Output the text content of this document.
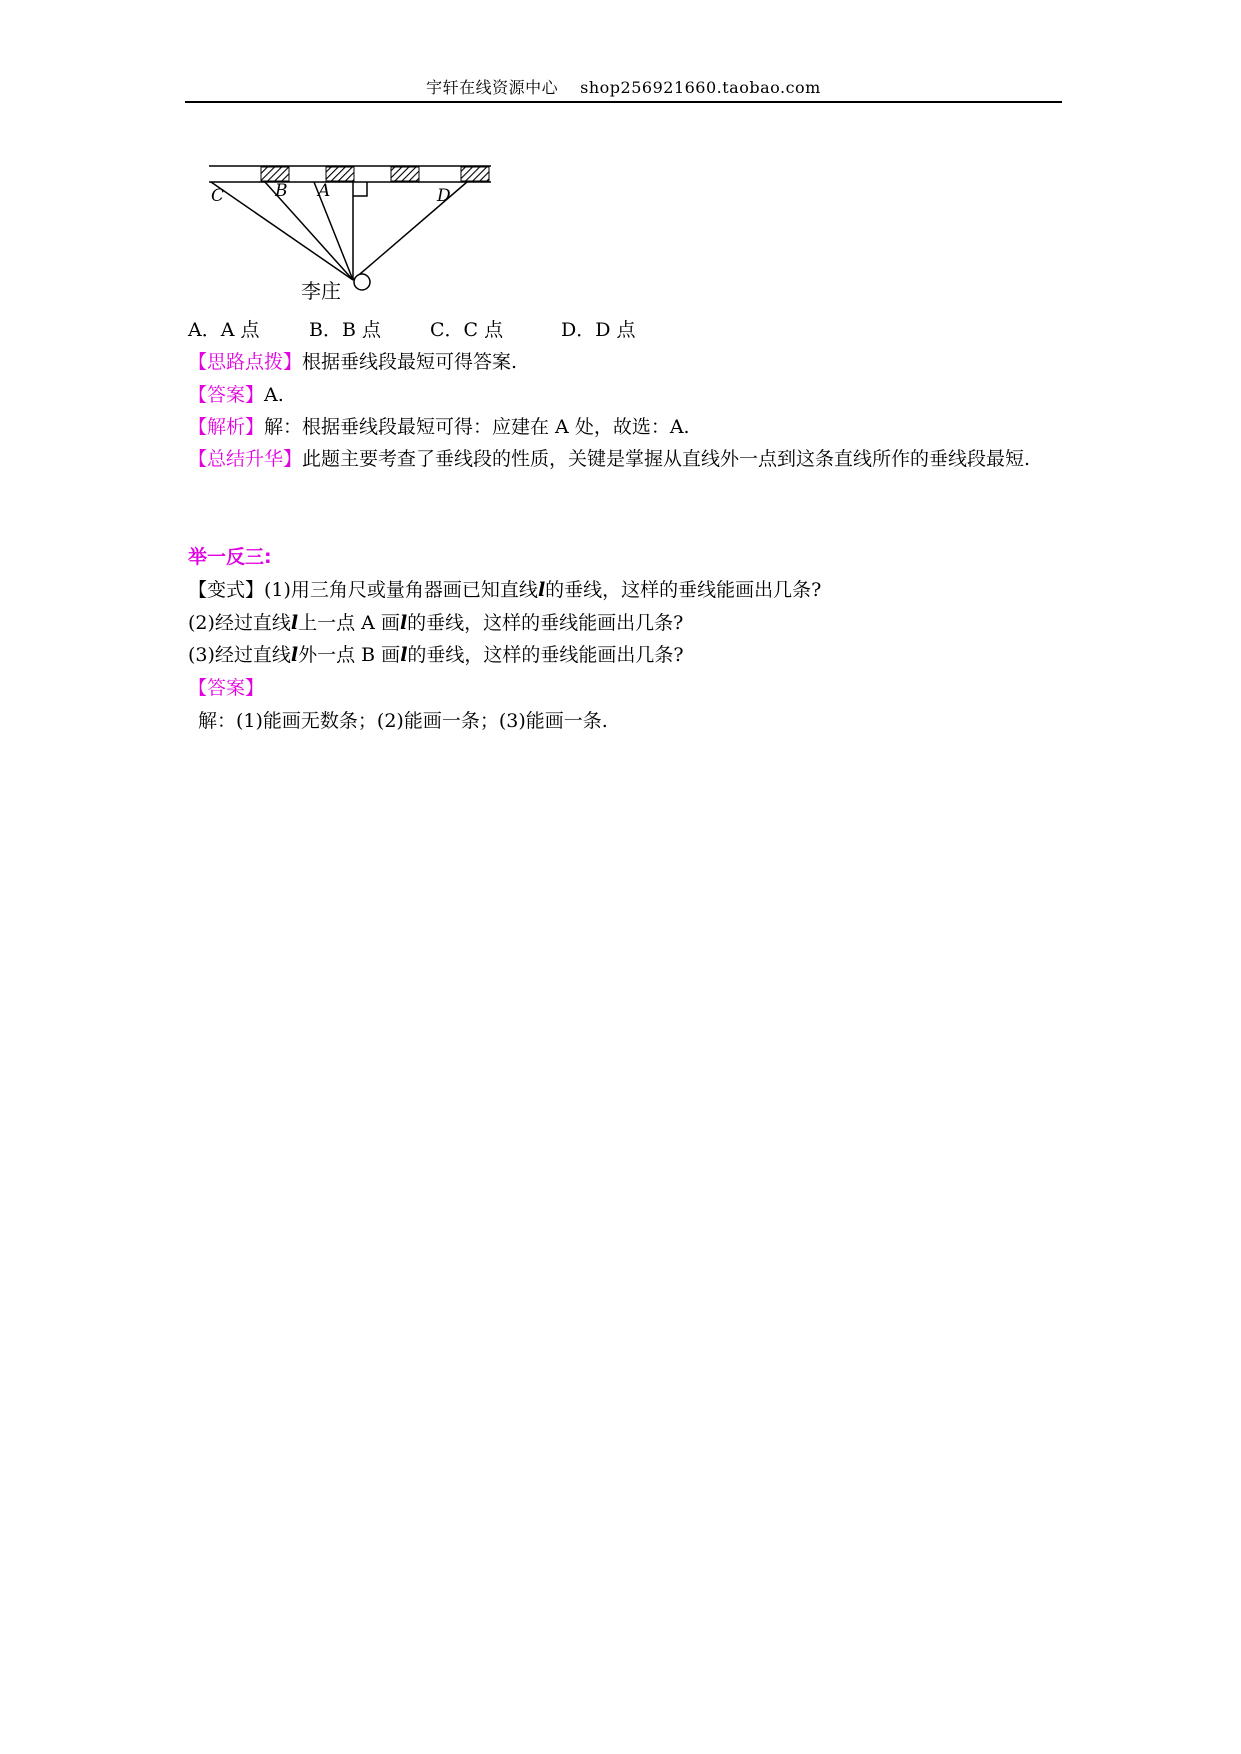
宇轩在线资源中心 shop256921660.taobao.com
C	B A	D
李庄
A．A 点	B．B 点	C．C 点	D．D 点
【思路点拨】根据垂线段最短可得答案.
【答案】A.
【解析】解：根据垂线段最短可得：应建在 A 处，故选：A.
【总结升华】此题主要考查了垂线段的性质，关键是掌握从直线外一点到这条直线所作的垂线段最短.
举一反三:
【变式】(1)用三角尺或量角器画已知直线l的垂线，这样的垂线能画出几条?
(2)经过直线l上一点 A 画l的垂线，这样的垂线能画出几条?
(3)经过直线l外一点 B 画l的垂线，这样的垂线能画出几条?
【答案】
解：(1)能画无数条；(2)能画一条；(3)能画一条.
